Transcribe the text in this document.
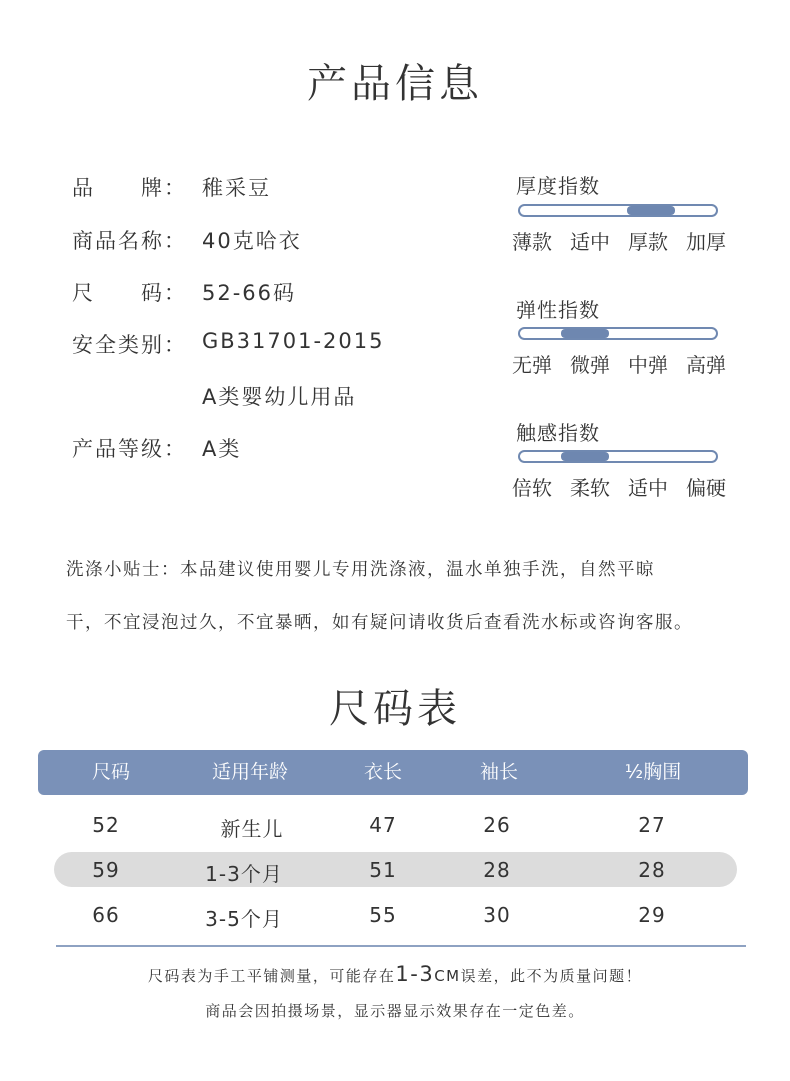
产品信息
品　　牌： 稚采豆
商品名称： 40克哈衣
尺　　码： 52-66码
安全类别： GB31701-2015
A类婴幼儿用品
产品等级： A类
厚度指数
薄款 适中 厚款 加厚
弹性指数
无弹 微弹 中弹 高弹
触感指数
倍软 柔软 适中 偏硬
洗涤小贴士：本品建议使用婴儿专用洗涤液，温水单独手洗，自然平晾
干，不宜浸泡过久，不宜暴晒，如有疑问请收货后查看洗水标或咨询客服。
尺码表
尺码	适用年龄	衣长	袖长	½胸围
52	新生儿	47	26	27
59	1-3个月	51	28	28
66	3-5个月	55	30	29
尺码表为手工平铺测量，可能存在1-3CM误差，此不为质量问题！
商品会因拍摄场景，显示器显示效果存在一定色差。
